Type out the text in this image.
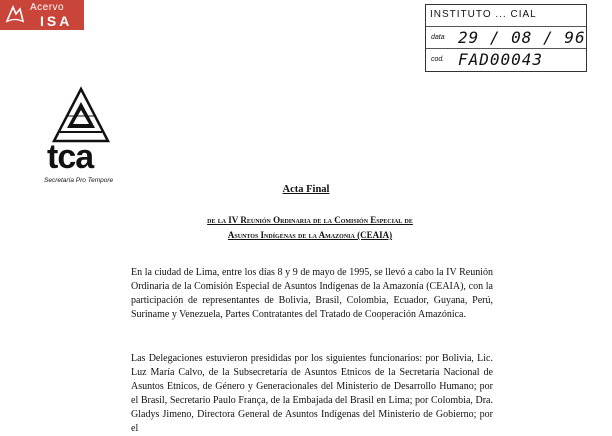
Acervo
ISA	INSTITUTO ... CIAL
data 29 / 08 / 96
cod. FAD00043
tca
Secretaría Pro Tempore
Acta Final
de la IV Reunión Ordinaria de la Comisión Especial de
Asuntos Indígenas de la Amazonia (CEAIA)

En la ciudad de Lima, entre los días 8 y 9 de mayo de 1995, se llevó a cabo la IV Reunión Ordinaria de la Comisión Especial de Asuntos Indígenas de la Amazonía (CEAIA), con la participación de representantes de Bolivia, Brasil, Colombia, Ecuador, Guyana, Perú, Suriname y Venezuela, Partes Contratantes del Tratado de Cooperación Amazónica.

Las Delegaciones estuvieron presididas por los siguientes funcionarios: por Bolivia, Lic. Luz María Calvo, de la Subsecretaría de Asuntos Etnicos de la Secretaría Nacional de Asuntos Etnicos, de Género y Generacionales del Ministerio de Desarrollo Humano; por el Brasil, Secretario Paulo França, de la Embajada del Brasil en Lima; por Colombia, Dra. Gladys Jimeno, Directora General de Asuntos Indígenas del Ministerio de Gobierno; por el
